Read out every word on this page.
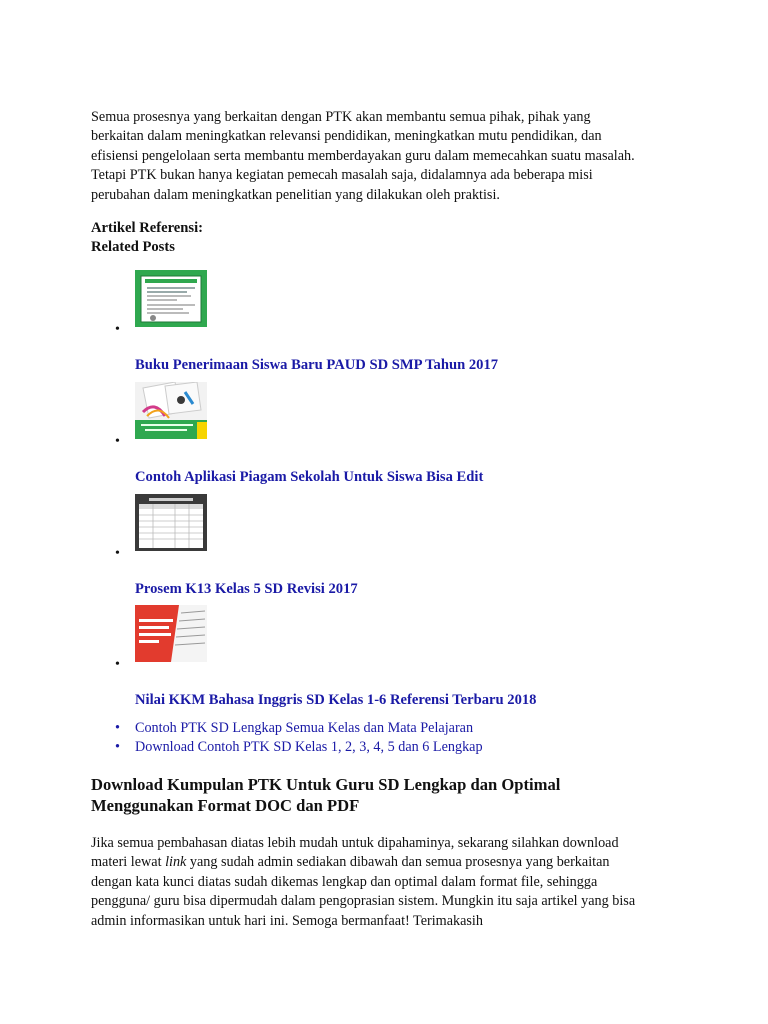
Semua prosesnya yang berkaitan dengan PTK akan membantu semua pihak, pihak yang
berkaitan dalam meningkatkan relevansi pendidikan, meningkatkan mutu pendidikan, dan
efisiensi pengelolaan serta membantu memberdayakan guru dalam memecahkan suatu masalah.
Tetapi PTK bukan hanya kegiatan pemecah masalah saja, didalamnya ada beberapa misi
perubahan dalam meningkatkan penelitian yang dilakukan oleh praktisi.

Artikel Referensi:

Related Posts

•
Buku Penerimaan Siswa Baru PAUD SD SMP Tahun 2017
•
Contoh Aplikasi Piagam Sekolah Untuk Siswa Bisa Edit
•
Prosem K13 Kelas 5 SD Revisi 2017
•
Nilai KKM Bahasa Inggris SD Kelas 1-6 Referensi Terbaru 2018
• Contoh PTK SD Lengkap Semua Kelas dan Mata Pelajaran
• Download Contoh PTK SD Kelas 1, 2, 3, 4, 5 dan 6 Lengkap
Download Kumpulan PTK Untuk Guru SD Lengkap dan Optimal
Menggunakan Format DOC dan PDF

Jika semua pembahasan diatas lebih mudah untuk dipahaminya, sekarang silahkan download
materi lewat link yang sudah admin sediakan dibawah dan semua prosesnya yang berkaitan
dengan kata kunci diatas sudah dikemas lengkap dan optimal dalam format file, sehingga
pengguna/ guru bisa dipermudah dalam pengoprasian sistem. Mungkin itu saja artikel yang bisa
admin informasikan untuk hari ini. Semoga bermanfaat! Terimakasih
